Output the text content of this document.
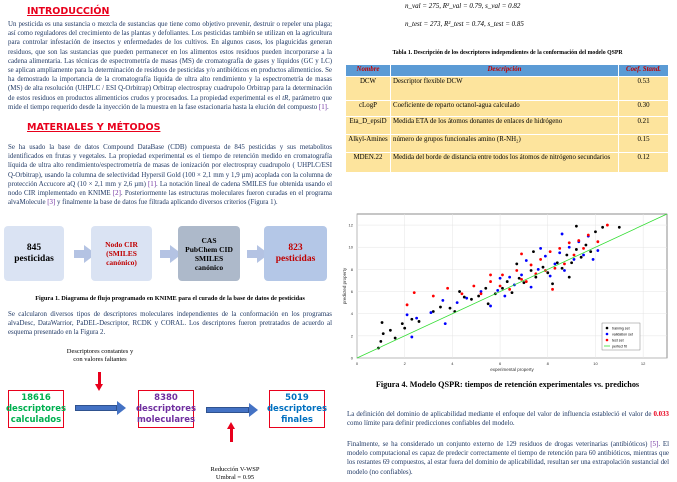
INTRODUCCIÓN
Un pesticida es una sustancia o mezcla de sustancias que tiene como objetivo prevenir, destruir o repeler una plaga; así como reguladores del crecimiento de las plantas y defoliantes. Los pesticidas también se utilizan en la agricultura para controlar infestación de insectos y enfermedades de los cultivos. En algunos casos, los plaguicidas generan residuos, que son las sustancias que pueden permanecer en los alimentos estos residuos pueden incorporarse a la cadena alimentaria. Las técnicas de espectrometría de masas (MS) de cromatografía de gases y líquidos (GC y LC) se aplican ampliamente para la determinación de residuos de pesticidas y/o antibióticos en productos alimenticios. Se ha demostrado la importancia de la cromatografía líquida de ultra alto rendimiento y la espectrometría de masas (MS) de alta resolución (UHPLC / ESI Q-Orbitrap) Orbitrap electrospray cuadrupolo Orbitrap para la determinación de estos residuos en productos alimenticios crudos y procesados. La propiedad experimental es el tR, parámetro que mide el tiempo requerido desde la inyección de la muestra en la fase estacionaria hasta la elución del compuesto [1].
MATERIALES Y MÉTODOS
Se ha usado la base de datos Compound DataBase (CDB) compuesta de 845 pesticidas y sus metabolitos identificados en frutas y vegetales. La propiedad experimental es el tiempo de retención medido en cromatografía líquida de ultra alto rendimiento/espectrometría de masas de ionización por electrospray cuadrupolo ( UHPLC/ESI Q-Orbitrap), usando la columna de selectividad Hypersil Gold (100 × 2,1 mm y 1,9 µm) acoplada con la columna de protección Accucore aQ (10 × 2,1 mm y 2,6 µm) [1]. La notación lineal de cadena SMILES fue obtenida usando el nodo CIR implementado en KNIME [2]. Posteriormente las estructuras moleculares fueron curadas en el programa alvaMolecule [3] y finalmente la base de datos fue filtrada aplicando diversos criterios (Figura 1).
845
pesticidas
Nodo CIR
(SMILES
canónico)
CAS
PubChem CID
SMILES
canónico
823
pesticidas
Figura 1. Diagrama de flujo programado en KNIME para el curado de la base de datos de pesticidas
Se calcularon diversos tipos de descriptores moleculares independientes de la conformación en los programas alvaDesc, DataWarrior, PaDEL-Descriptor, RCDK y CORAL. Los descriptores fueron pretratados de acuerdo al esquema presentado en la Figura 2.
Descriptores constantes y
con valores faltantes
18616
descriptores
calculados
8380
descriptores
moleculares
5019
descriptores
finales
Reducción V-WSP
Umbral = 0.95
n_val = 275, R²_val = 0.79, s_val = 0.82
n_test = 273, R²_test = 0.74, s_test = 0.85
Tabla 1. Descripción de los descriptores independientes de la conformación del modelo QSPR
Nombre	Descripción	Coef. Stand.
DCW	Descriptor flexible DCW	0.53
cLogP	Coeficiente de reparto octanol-agua calculado	0.30
Eta_D_epsiD	Medida ETA de los átomos donantes de enlaces de hidrógeno	0.21
Alkyl-Amines	número de grupos funcionales amino (R-NH₂)	0.15
MDEN.22	Medida del borde de distancia entre todos los átomos de nitrógeno secundarios	0.12
0	2	4	6	8	10	12
0
2
4
6
8
10
12
experimental property
predicted property
training set
validation set
test set
perfect fit
Figura 4. Modelo QSPR: tiempos de retención experimentales vs. predichos
La definición del dominio de aplicabilidad mediante el enfoque del valor de influencia estableció el valor de 0.033 como límite para definir predicciones confiables del modelo.
Finalmente, se ha considerado un conjunto externo de 129 residuos de drogas veterinarias (antibióticos) [5]. El modelo computacional es capaz de predecir correctamente el tiempo de retención para 60 antibióticos, mientras que los restantes 69 compuestos, al estar fuera del dominio de aplicabilidad, resultan ser una extrapolación sustancial del modelo (no confiables).
